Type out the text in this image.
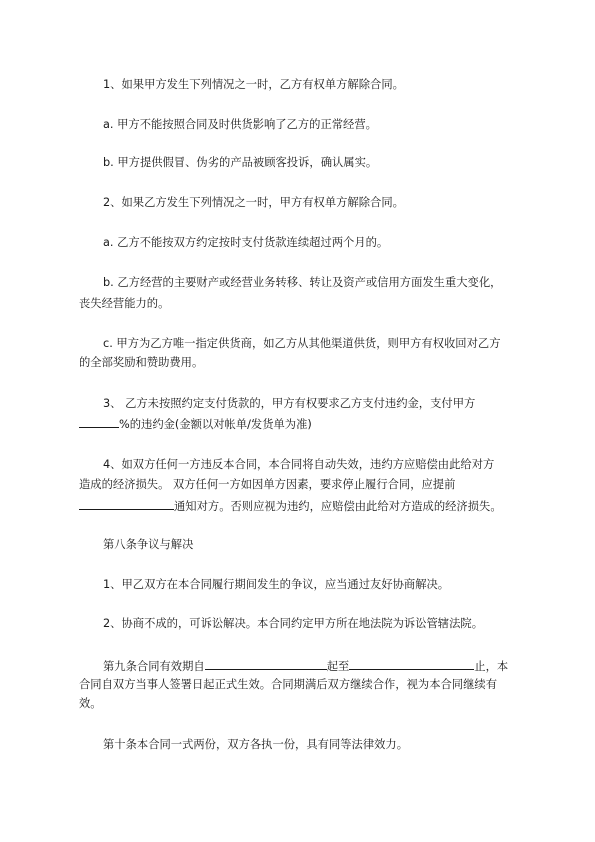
1、如果甲方发生下列情况之一时，乙方有权单方解除合同。

a. 甲方不能按照合同及时供货影响了乙方的正常经营。

b. 甲方提供假冒、伪劣的产品被顾客投诉，确认属实。

2、如果乙方发生下列情况之一时，甲方有权单方解除合同。

a. 乙方不能按双方约定按时支付货款连续超过两个月的。

b. 乙方经营的主要财产或经营业务转移、转让及资产或信用方面发生重大变化，

丧失经营能力的。

c. 甲方为乙方唯一指定供货商，如乙方从其他渠道供货，则甲方有权收回对乙方

的全部奖励和赞助费用。

3、 乙方未按照约定支付货款的，甲方有权要求乙方支付违约金，支付甲方

%的违约金(金额以对帐单/发货单为准)

4、如双方任何一方违反本合同，本合同将自动失效，违约方应赔偿由此给对方

造成的经济损失。 双方任何一方如因单方因素，要求停止履行合同，应提前

通知对方。否则应视为违约，应赔偿由此给对方造成的经济损失。

第八条争议与解决

1、甲乙双方在本合同履行期间发生的争议，应当通过友好协商解决。

2、协商不成的，可诉讼解决。本合同约定甲方所在地法院为诉讼管辖法院。

第九条合同有效期自	起至	止，本

合同自双方当事人签署日起正式生效。合同期满后双方继续合作，视为本合同继续有

效。

第十条本合同一式两份，双方各执一份，具有同等法律效力。
